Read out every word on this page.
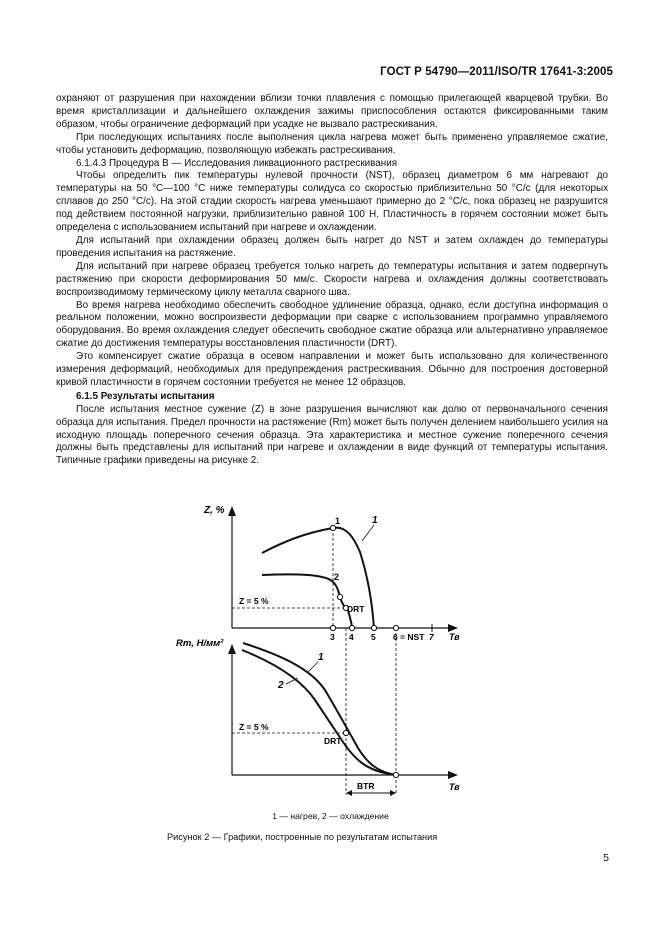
ГОСТ Р 54790—2011/ISO/TR 17641-3:2005

охраняют от разрушения при нахождении вблизи точки плавления с помощью прилегающей кварцевой трубки. Во время кристаллизации и дальнейшего охлаждения зажимы приспособления остаются фиксированными таким образом, чтобы ограничение деформаций при усадке не вызвало растрескивания.

При последующих испытаниях после выполнения цикла нагрева может быть применено управляемое сжатие, чтобы установить деформацию, позволяющую избежать растрескивания.

6.1.4.3 Процедура В — Исследования ликвационного растрескивания

Чтобы определить пик температуры нулевой прочности (NST), образец диаметром 6 мм нагревают до температуры на 50 °С—100 °С ниже температуры солидуса со скоростью приблизительно 50 °С/с (для некоторых сплавов до 250 °С/с). На этой стадии скорость нагрева уменьшают примерно до 2 °С/с, пока образец не разрушится под действием постоянной нагрузки, приблизительно равной 100 Н. Пластичность в горячем состоянии может быть определена с использованием испытаний при нагреве и охлаждении.

Для испытаний при охлаждении образец должен быть нагрет до NST и затем охлажден до температуры проведения испытания на растяжение.

Для испытаний при нагреве образец требуется только нагреть до температуры испытания и затем подвергнуть растяжению при скорости деформирования 50 мм/с. Скорости нагрева и охлаждения должны соответствовать воспроизводимому термическому циклу металла сварного шва.

Во время нагрева необходимо обеспечить свободное удлинение образца, однако, если доступна информация о реальном положении, можно воспроизвести деформации при сварке с использованием программно управляемого оборудования. Во время охлаждения следует обеспечить свободное сжатие образца или альтернативно управляемое сжатие до достижения температуры восстановления пластичности (DRT).

Это компенсирует сжатие образца в осевом направлении и может быть использовано для количественного измерения деформаций, необходимых для предупреждения растрескивания. Обычно для построения достоверной кривой пластичности в горячем состоянии требуется не менее 12 образцов.

6.1.5 Результаты испытания

После испытания местное сужение (Z) в зоне разрушения вычисляют как долю от первоначального сечения образца для испытания. Предел прочности на растяжение (Rm) может быть получен делением наибольшего усилия на исходную площадь поперечного сечения образца. Эта характеристика и местное сужение поперечного сечения должны быть представлены для испытаний при нагреве и охлаждении в виде функций от температуры испытания. Типичные графики приведены на рисунке 2.

Z, %
Тв
1
2
1
DRT
Z = 5 %
3 4 5 6 = NST 7
Rm, Н/мм²
Тв
BTR
DRT
Z = 5 %
1
2
1 — нагрев, 2 — охлаждение
Рисунок 2 — Графики, построенные по результатам испытания
5
